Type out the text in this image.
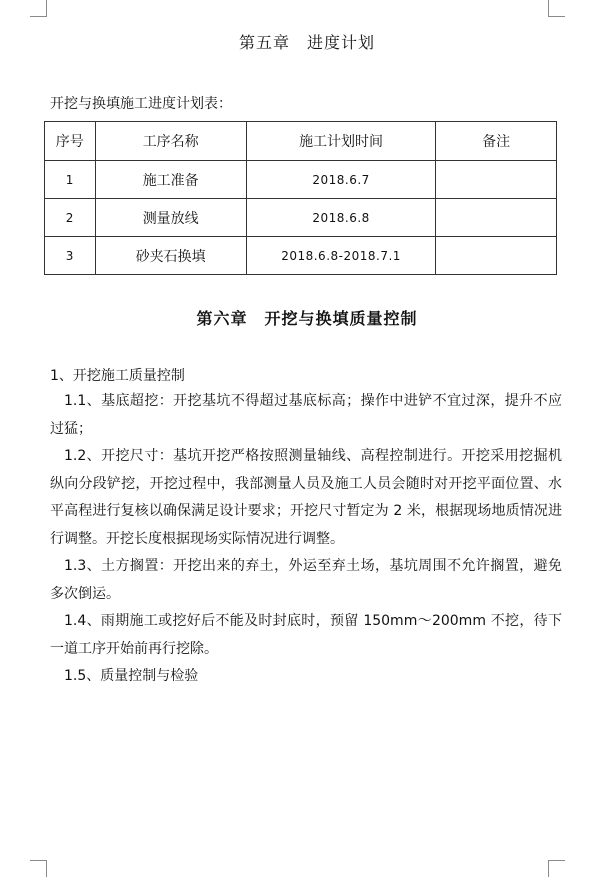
第五章　进度计划
开挖与换填施工进度计划表：
序号	工序名称	施工计划时间	备注
1	施工准备	2018.6.7	
2	测量放线	2018.6.8	
3	砂夹石换填	2018.6.8-2018.7.1	
第六章　开挖与换填质量控制
1、开挖施工质量控制

1.1、基底超挖：开挖基坑不得超过基底标高；操作中进铲不宜过深，提升不应过猛；

1.2、开挖尺寸：基坑开挖严格按照测量轴线、高程控制进行。开挖采用挖掘机纵向分段铲挖，开挖过程中，我部测量人员及施工人员会随时对开挖平面位置、水平高程进行复核以确保满足设计要求；开挖尺寸暂定为 2 米，根据现场地质情况进行调整。开挖长度根据现场实际情况进行调整。

1.3、土方搁置：开挖出来的弃土，外运至弃土场，基坑周围不允许搁置，避免多次倒运。

1.4、雨期施工或挖好后不能及时封底时，预留 150mm～200mm 不挖，待下一道工序开始前再行挖除。

1.5、质量控制与检验
